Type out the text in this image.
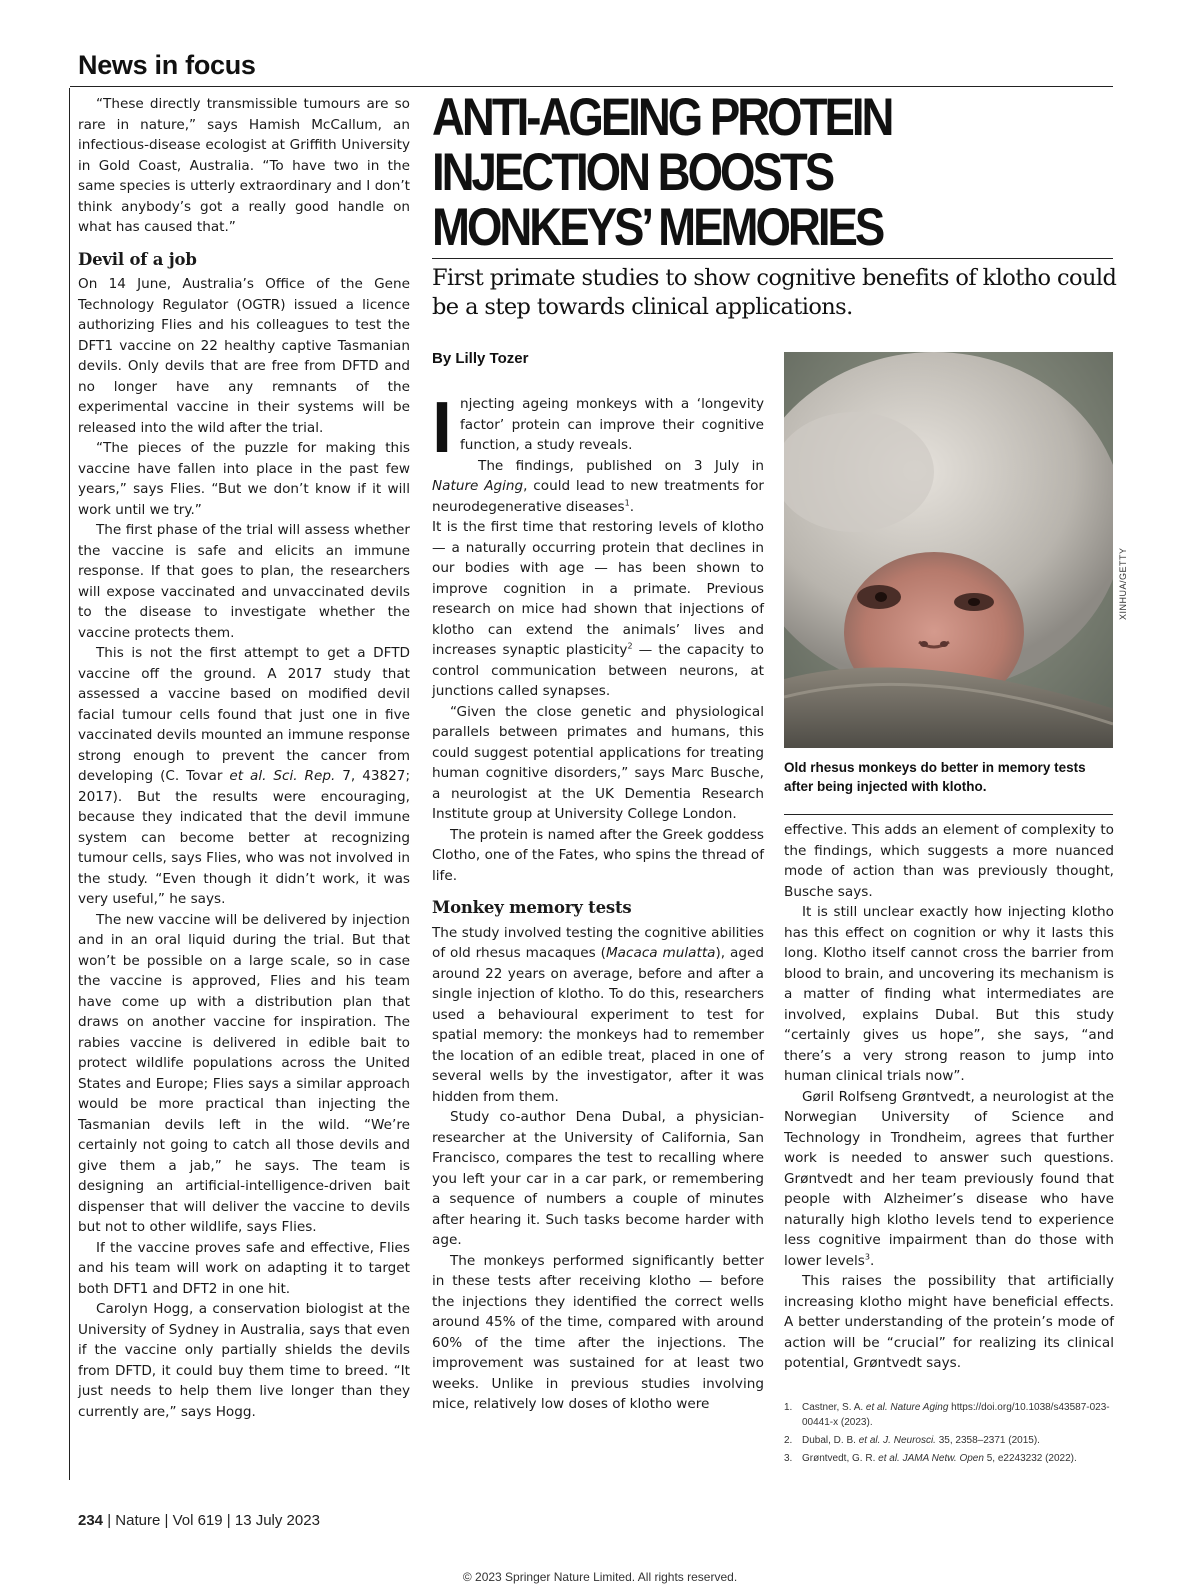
News in focus

“These directly transmissible tumours are so rare in nature,” says Hamish McCallum, an infectious-disease ecologist at Griffith University in Gold Coast, Australia. “To have two in the same species is utterly extraordinary and I don’t think anybody’s got a really good handle on what has caused that.”

Devil of a job

On 14 June, Australia’s Office of the Gene Technology Regulator (OGTR) issued a licence authorizing Flies and his colleagues to test the DFT1 vaccine on 22 healthy captive Tasmanian devils. Only devils that are free from DFTD and no longer have any remnants of the experimental vaccine in their systems will be released into the wild after the trial.

“The pieces of the puzzle for making this vaccine have fallen into place in the past few years,” says Flies. “But we don’t know if it will work until we try.”

The first phase of the trial will assess whether the vaccine is safe and elicits an immune response. If that goes to plan, the researchers will expose vaccinated and unvaccinated devils to the disease to investigate whether the vaccine protects them.

This is not the first attempt to get a DFTD vaccine off the ground. A 2017 study that assessed a vaccine based on modified devil facial tumour cells found that just one in five vaccinated devils mounted an immune response strong enough to prevent the cancer from developing (C. Tovar et al. Sci. Rep. 7, 43827; 2017). But the results were encouraging, because they indicated that the devil immune system can become better at recognizing tumour cells, says Flies, who was not involved in the study. “Even though it didn’t work, it was very useful,” he says.

The new vaccine will be delivered by injection and in an oral liquid during the trial. But that won’t be possible on a large scale, so in case the vaccine is approved, Flies and his team have come up with a distribution plan that draws on another vaccine for inspiration. The rabies vaccine is delivered in edible bait to protect wildlife populations across the United States and Europe; Flies says a similar approach would be more practical than injecting the Tasmanian devils left in the wild. “We’re certainly not going to catch all those devils and give them a jab,” he says. The team is designing an artificial-intelligence-driven bait dispenser that will deliver the vaccine to devils but not to other wildlife, says Flies.

If the vaccine proves safe and effective, Flies and his team will work on adapting it to target both DFT1 and DFT2 in one hit.

Carolyn Hogg, a conservation biologist at the University of Sydney in Australia, says that even if the vaccine only partially shields the devils from DFTD, it could buy them time to breed. “It just needs to help them live longer than they currently are,” says Hogg.

ANTI-AGEING PROTEIN
INJECTION BOOSTS
MONKEYS’ MEMORIES
First primate studies to show cognitive benefits of klotho could be a step towards clinical applications.
By Lilly Tozer

Injecting ageing monkeys with a ‘longevity factor’ protein can improve their cognitive function, a study reveals.

The findings, published on 3 July in Nature Aging, could lead to new treatments for neurodegenerative diseases$^1$.

It is the first time that restoring levels of klotho — a naturally occurring protein that declines in our bodies with age — has been shown to improve cognition in a primate. Previous research on mice had shown that injections of klotho can extend the animals’ lives and increases synaptic plasticity$^2$ — the capacity to control communication between neurons, at junctions called synapses.

“Given the close genetic and physiological parallels between primates and humans, this could suggest potential applications for treating human cognitive disorders,” says Marc Busche, a neurologist at the UK Dementia Research Institute group at University College London.

The protein is named after the Greek goddess Clotho, one of the Fates, who spins the thread of life.

Monkey memory tests

The study involved testing the cognitive abilities of old rhesus macaques (Macaca mulatta), aged around 22 years on average, before and after a single injection of klotho. To do this, researchers used a behavioural experiment to test for spatial memory: the monkeys had to remember the location of an edible treat, placed in one of several wells by the investigator, after it was hidden from them.

Study co-author Dena Dubal, a physician-researcher at the University of California, San Francisco, compares the test to recalling where you left your car in a car park, or remembering a sequence of numbers a couple of minutes after hearing it. Such tasks become harder with age.

The monkeys performed significantly better in these tests after receiving klotho — before the injections they identified the correct wells around 45% of the time, compared with around 60% of the time after the injections. The improvement was sustained for at least two weeks. Unlike in previous studies involving mice, relatively low doses of klotho were

XINHUA/GETTY
Old rhesus monkeys do better in memory tests after being injected with klotho.

effective. This adds an element of complexity to the findings, which suggests a more nuanced mode of action than was previously thought, Busche says.

It is still unclear exactly how injecting klotho has this effect on cognition or why it lasts this long. Klotho itself cannot cross the barrier from blood to brain, and uncovering its mechanism is a matter of finding what intermediates are involved, explains Dubal. But this study “certainly gives us hope”, she says, “and there’s a very strong reason to jump into human clinical trials now”.

Gøril Rolfseng Grøntvedt, a neurologist at the Norwegian University of Science and Technology in Trondheim, agrees that further work is needed to answer such questions. Grøntvedt and her team previously found that people with Alzheimer’s disease who have naturally high klotho levels tend to experience less cognitive impairment than do those with lower levels$^3$.

This raises the possibility that artificially increasing klotho might have beneficial effects. A better understanding of the protein’s mode of action will be “crucial” for realizing its clinical potential, Grøntvedt says.

1. Castner, S. A. et al. Nature Aging https://doi.org/10.1038/s43587-023-00441-x (2023).
2. Dubal, D. B. et al. J. Neurosci. 35, 2358–2371 (2015).
3. Grøntvedt, G. R. et al. JAMA Netw. Open 5, e2243232 (2022).
234 | Nature | Vol 619 | 13 July 2023
© 2023 Springer Nature Limited. All rights reserved.
